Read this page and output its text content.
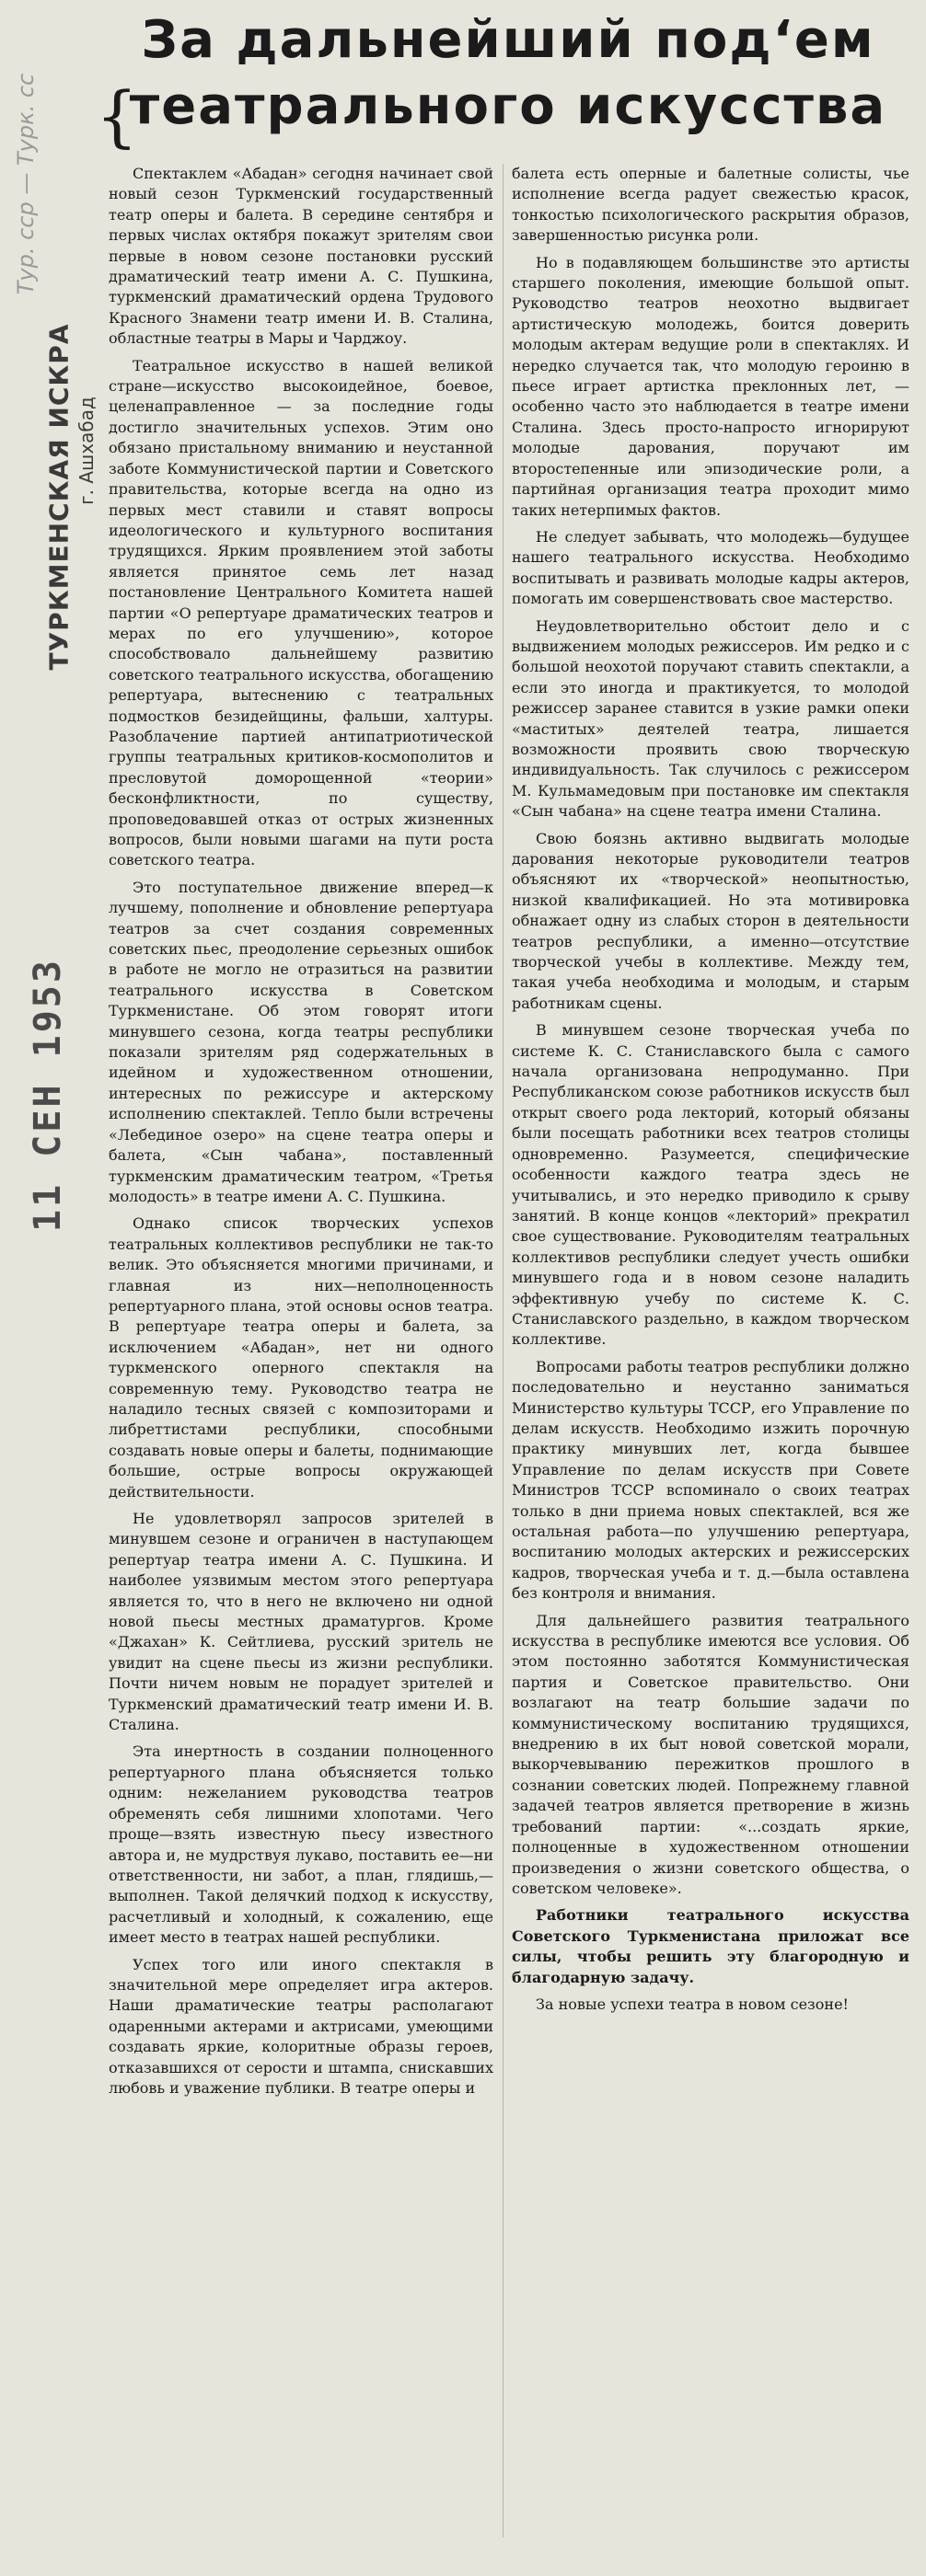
Тур. сср — Турк. сс
ТУРКМЕНСКАЯ ИСКРА г. Ашхабад
11 СЕН 1953
{
За дальнейший под‘ем
театрального искусства

Спектаклем «Абадан» сегодня начинает свой новый сезон Туркменский государственный театр оперы и балета. В середине сентября и первых числах октября покажут зрителям свои первые в новом сезоне постановки русский драматический театр имени А. С. Пушкина, туркменский драматический ордена Трудового Красного Знамени театр имени И. В. Сталина, областные театры в Мары и Чарджоу.

Театральное искусство в нашей великой стране—искусство высокоидейное, боевое, целенаправленное — за последние годы достигло значительных успехов. Этим оно обязано пристальному вниманию и неустанной заботе Коммунистической партии и Советского правительства, которые всегда на одно из первых мест ставили и ставят вопросы идеологического и культурного воспитания трудящихся. Ярким проявлением этой заботы является принятое семь лет назад постановление Центрального Комитета нашей партии «О репертуаре драматических театров и мерах по его улучшению», которое способствовало дальнейшему развитию советского театрального искусства, обогащению репертуара, вытеснению с театральных подмостков безидейщины, фальши, халтуры. Разоблачение партией антипатриотической группы театральных критиков-космополитов и пресловутой доморощенной «теории» бесконфликтности, по существу, проповедовавшей отказ от острых жизненных вопросов, были новыми шагами на пути роста советского театра.

Это поступательное движение вперед—к лучшему, пополнение и обновление репертуара театров за счет создания современных советских пьес, преодоление серьезных ошибок в работе не могло не отразиться на развитии театрального искусства в Советском Туркменистане. Об этом говорят итоги минувшего сезона, когда театры республики показали зрителям ряд содержательных в идейном и художественном отношении, интересных по режиссуре и актерскому исполнению спектаклей. Тепло были встречены «Лебединое озеро» на сцене театра оперы и балета, «Сын чабана», поставленный туркменским драматическим театром, «Третья молодость» в театре имени А. С. Пушкина.

Однако список творческих успехов театральных коллективов республики не так-то велик. Это объясняется многими причинами, и главная из них—неполноценность репертуарного плана, этой основы основ театра. В репертуаре театра оперы и балета, за исключением «Абадан», нет ни одного туркменского оперного спектакля на современную тему. Руководство театра не наладило тесных связей с композиторами и либреттистами республики, способными создавать новые оперы и балеты, поднимающие большие, острые вопросы окружающей действительности.

Не удовлетворял запросов зрителей в минувшем сезоне и ограничен в наступающем репертуар театра имени А. С. Пушкина. И наиболее уязвимым местом этого репертуара является то, что в него не включено ни одной новой пьесы местных драматургов. Кроме «Джахан» К. Сейтлиева, русский зритель не увидит на сцене пьесы из жизни республики. Почти ничем новым не порадует зрителей и Туркменский драматический театр имени И. В. Сталина.

Эта инертность в создании полноценного репертуарного плана объясняется только одним: нежеланием руководства театров обременять себя лишними хлопотами. Чего проще—взять известную пьесу известного автора и, не мудрствуя лукаво, поставить ее—ни ответственности, ни забот, а план, глядишь,—выполнен. Такой делячкий подход к искусству, расчетливый и холодный, к сожалению, еще имеет место в театрах нашей республики.

Успех того или иного спектакля в значительной мере определяет игра актеров. Наши драматические театры располагают одаренными актерами и актрисами, умеющими создавать яркие, колоритные образы героев, отказавшихся от серости и штампа, снискавших любовь и уважение публики. В театре оперы и

балета есть оперные и балетные солисты, чье исполнение всегда радует свежестью красок, тонкостью психологического раскрытия образов, завершенностью рисунка роли.

Но в подавляющем большинстве это артисты старшего поколения, имеющие большой опыт. Руководство театров неохотно выдвигает артистическую молодежь, боится доверить молодым актерам ведущие роли в спектаклях. И нередко случается так, что молодую героиню в пьесе играет артистка преклонных лет, — особенно часто это наблюдается в театре имени Сталина. Здесь просто-напросто игнорируют молодые дарования, поручают им второстепенные или эпизодические роли, а партийная организация театра проходит мимо таких нетерпимых фактов.

Не следует забывать, что молодежь—будущее нашего театрального искусства. Необходимо воспитывать и развивать молодые кадры актеров, помогать им совершенствовать свое мастерство.

Неудовлетворительно обстоит дело и с выдвижением молодых режиссеров. Им редко и с большой неохотой поручают ставить спектакли, а если это иногда и практикуется, то молодой режиссер заранее ставится в узкие рамки опеки «маститых» деятелей театра, лишается возможности проявить свою творческую индивидуальность. Так случилось с режиссером М. Кульмамедовым при постановке им спектакля «Сын чабана» на сцене театра имени Сталина.

Свою боязнь активно выдвигать молодые дарования некоторые руководители театров объясняют их «творческой» неопытностью, низкой квалификацией. Но эта мотивировка обнажает одну из слабых сторон в деятельности театров республики, а именно—отсутствие творческой учебы в коллективе. Между тем, такая учеба необходима и молодым, и старым работникам сцены.

В минувшем сезоне творческая учеба по системе К. С. Станиславского была с самого начала организована непродуманно. При Республиканском союзе работников искусств был открыт своего рода лекторий, который обязаны были посещать работники всех театров столицы одновременно. Разумеется, специфические особенности каждого театра здесь не учитывались, и это нередко приводило к срыву занятий. В конце концов «лекторий» прекратил свое существование. Руководителям театральных коллективов республики следует учесть ошибки минувшего года и в новом сезоне наладить эффективную учебу по системе К. С. Станиславского раздельно, в каждом творческом коллективе.

Вопросами работы театров республики должно последовательно и неустанно заниматься Министерство культуры ТССР, его Управление по делам искусств. Необходимо изжить порочную практику минувших лет, когда бывшее Управление по делам искусств при Совете Министров ТССР вспоминало о своих театрах только в дни приема новых спектаклей, вся же остальная работа—по улучшению репертуара, воспитанию молодых актерских и режиссерских кадров, творческая учеба и т. д.—была оставлена без контроля и внимания.

Для дальнейшего развития театрального искусства в республике имеются все условия. Об этом постоянно заботятся Коммунистическая партия и Советское правительство. Они возлагают на театр большие задачи по коммунистическому воспитанию трудящихся, внедрению в их быт новой советской морали, выкорчевыванию пережитков прошлого в сознании советских людей. Попрежнему главной задачей театров является претворение в жизнь требований партии: «...создать яркие, полноценные в художественном отношении произведения о жизни советского общества, о советском человеке».

Работники театрального искусства Советского Туркменистана приложат все силы, чтобы решить эту благородную и благодарную задачу.

За новые успехи театра в новом сезоне!
